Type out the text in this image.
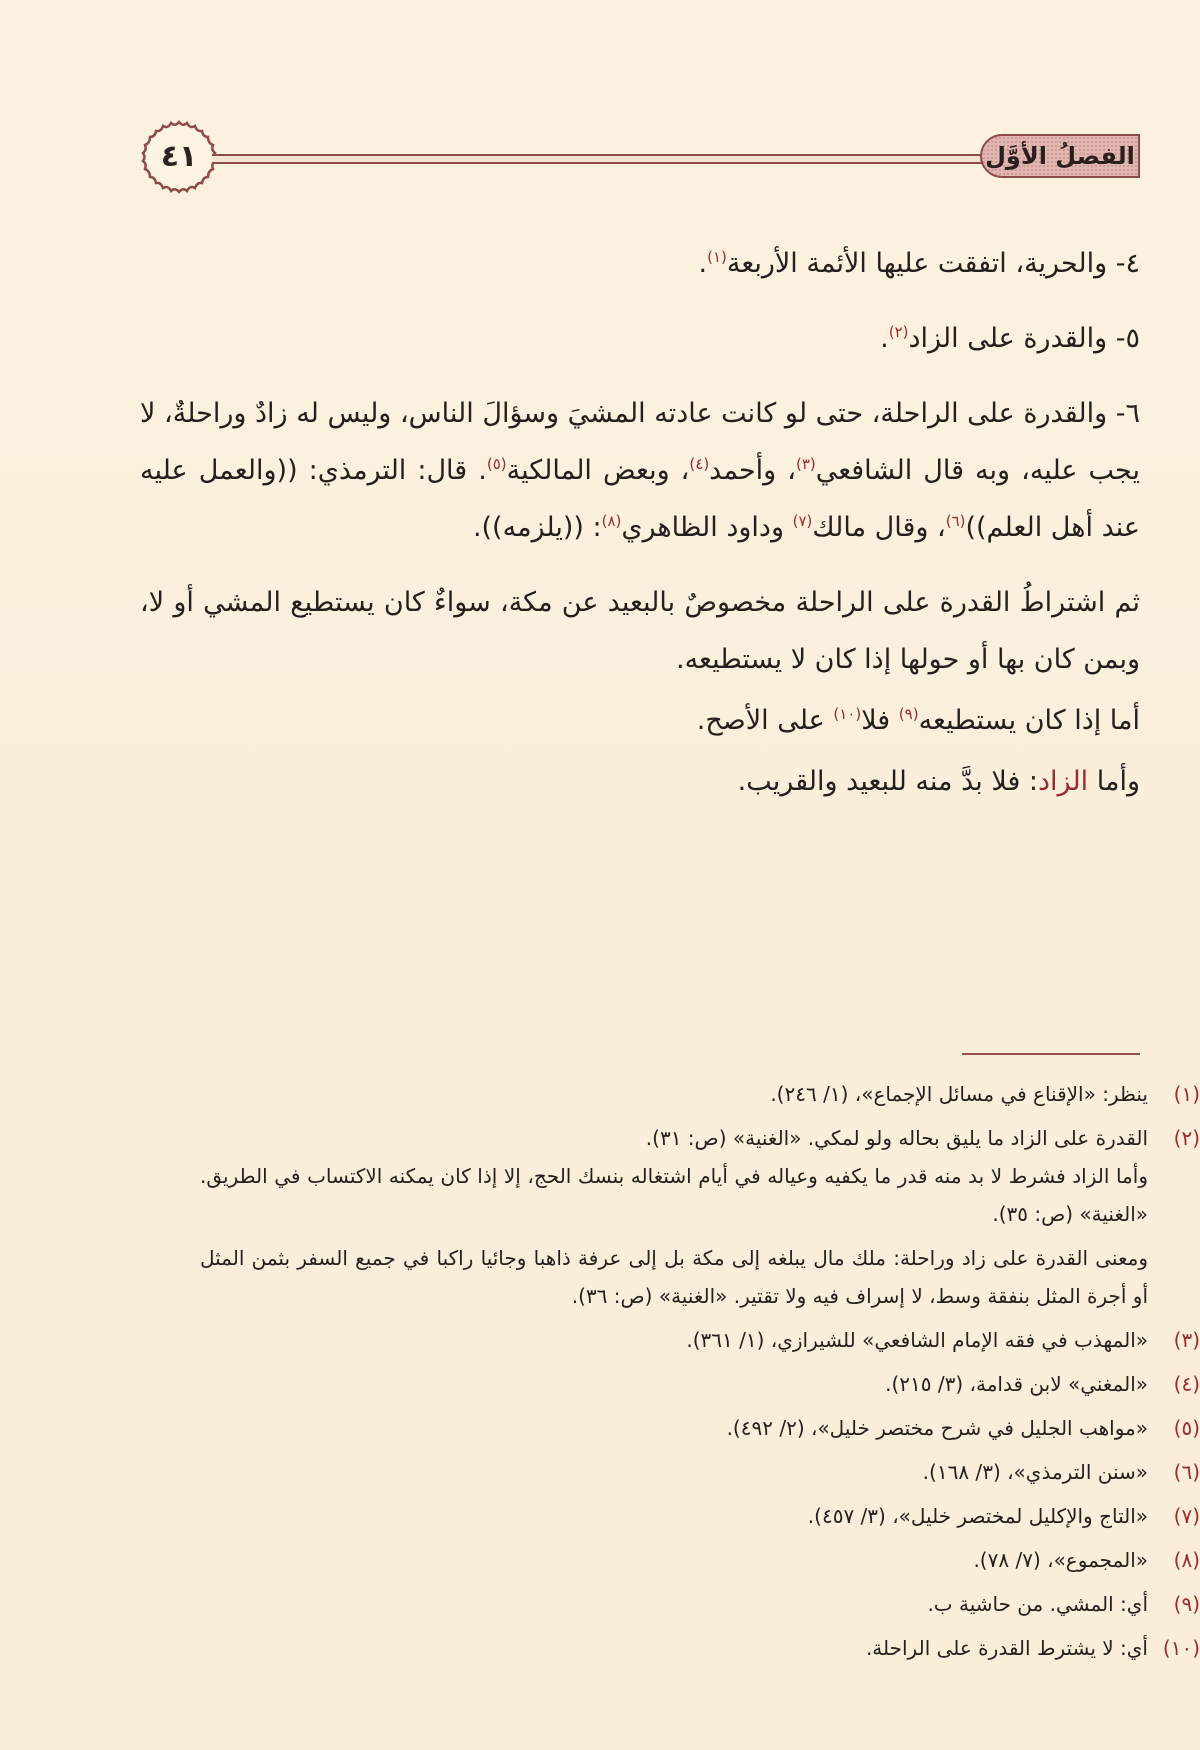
٤١	الفصلُ الأوَّل

٤- والحرية، اتفقت عليها الأئمة الأربعة$^{(١)}$.

٥- والقدرة على الزاد$^{(٢)}$.

٦- والقدرة على الراحلة، حتى لو كانت عادته المشيَ وسؤالَ الناس، وليس له زادٌ وراحلةٌ، لا يجب عليه، وبه قال الشافعي$^{(٣)}$، وأحمد$^{(٤)}$، وبعض المالكية$^{(٥)}$. قال: الترمذي: ((والعمل عليه عند أهل العلم))$^{(٦)}$، وقال مالك$^{(٧)}$ وداود الظاهري$^{(٨)}$: ((يلزمه)).

ثم اشتراطُ القدرة على الراحلة مخصوصٌ بالبعيد عن مكة، سواءٌ كان يستطيع المشي أو لا، وبمن كان بها أو حولها إذا كان لا يستطيعه.

أما إذا كان يستطيعه$^{(٩)}$ فلا$^{(١٠)}$ على الأصح.

وأما الزاد: فلا بدَّ منه للبعيد والقريب.

(١)
ينظر: «الإقناع في مسائل الإجماع»، (١/ ٢٤٦).
(٢)
القدرة على الزاد ما يليق بحاله ولو لمكي. «الغنية» (ص: ٣١).
وأما الزاد فشرط لا بد منه قدر ما يكفيه وعياله في أيام اشتغاله بنسك الحج، إلا إذا كان يمكنه الاكتساب في الطريق. «الغنية» (ص: ٣٥).
ومعنى القدرة على زاد وراحلة: ملك مال يبلغه إلى مكة بل إلى عرفة ذاهبا وجائيا راكبا في جميع السفر بثمن المثل أو أجرة المثل بنفقة وسط، لا إسراف فيه ولا تقتير. «الغنية» (ص: ٣٦).
(٣)
«المهذب في فقه الإمام الشافعي» للشيرازي، (١/ ٣٦١).
(٤)
«المغني» لابن قدامة، (٣/ ٢١٥).
(٥)
«مواهب الجليل في شرح مختصر خليل»، (٢/ ٤٩٢).
(٦)
«سنن الترمذي»، (٣/ ١٦٨).
(٧)
«التاج والإكليل لمختصر خليل»، (٣/ ٤٥٧).
(٨)
«المجموع»، (٧/ ٧٨).
(٩)
أي: المشي. من حاشية ب.
(١٠)
أي: لا يشترط القدرة على الراحلة.
